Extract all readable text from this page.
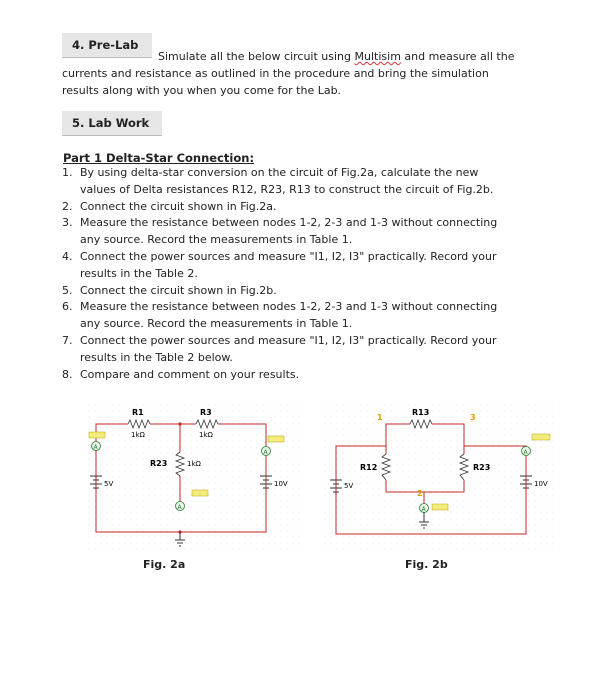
4. Pre-Lab
Simulate all the below circuit using Multisim and measure all the
currents and resistance as outlined in the procedure and bring the simulation
results along with you when you come for the Lab.
5. Lab Work
Part 1 Delta-Star Connection:
1. By using delta-star conversion on the circuit of Fig.2a, calculate the new
values of Delta resistances R12, R23, R13 to construct the circuit of Fig.2b.
2. Connect the circuit shown in Fig.2a.
3. Measure the resistance between nodes 1-2, 2-3 and 1-3 without connecting
any source. Record the measurements in Table 1.
4. Connect the power sources and measure "I1, I2, I3" practically. Record your
results in the Table 2.
5. Connect the circuit shown in Fig.2b.
6. Measure the resistance between nodes 1-2, 2-3 and 1-3 without connecting
any source. Record the measurements in Table 1.
7. Connect the power sources and measure "I1, I2, I3" practically. Record your
results in the Table 2 below.
8. Compare and comment on your results.
R1
1kΩ
R3
1kΩ
R23	1kΩ
5V	10V
A
A
A
Fig. 2a
R13
R12	R23
1
2
3
5V	10V
A
A
Fig. 2b
